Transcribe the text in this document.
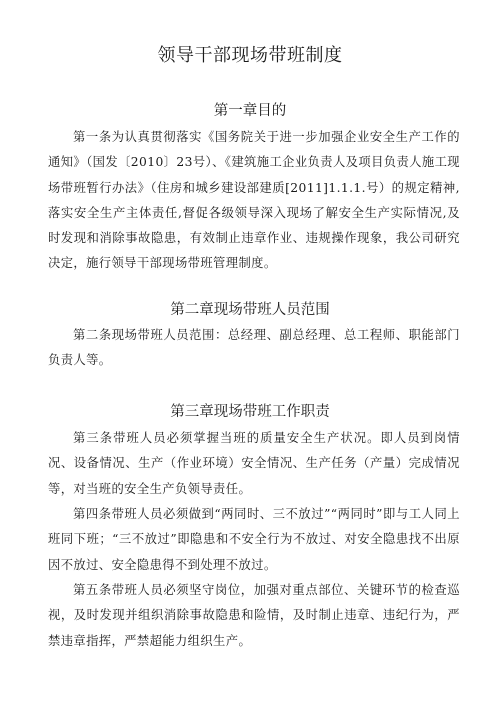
领导干部现场带班制度
第一章目的

第一条为认真贯彻落实《国务院关于进一步加强企业安全生产工作的通知》（国发〔2010〕23号）、《建筑施工企业负责人及项目负责人施工现场带班暂行办法》（住房和城乡建设部建质[2011]1.1.1.号）的规定精神,落实安全生产主体责任,督促各级领导深入现场了解安全生产实际情况,及时发现和消除事故隐患，有效制止违章作业、违规操作现象，我公司研究决定，施行领导干部现场带班管理制度。

第二章现场带班人员范围

第二条现场带班人员范围：总经理、副总经理、总工程师、职能部门负责人等。

第三章现场带班工作职责

第三条带班人员必须掌握当班的质量安全生产状况。即人员到岗情况、设备情况、生产（作业环境）安全情况、生产任务（产量）完成情况等，对当班的安全生产负领导责任。

第四条带班人员必须做到“两同时、三不放过”“两同时”即与工人同上班同下班；“三不放过”即隐患和不安全行为不放过、对安全隐患找不出原因不放过、安全隐患得不到处理不放过。

第五条带班人员必须坚守岗位，加强对重点部位、关键环节的检查巡视，及时发现并组织消除事故隐患和险情，及时制止违章、违纪行为，严禁违章指挥，严禁超能力组织生产。
